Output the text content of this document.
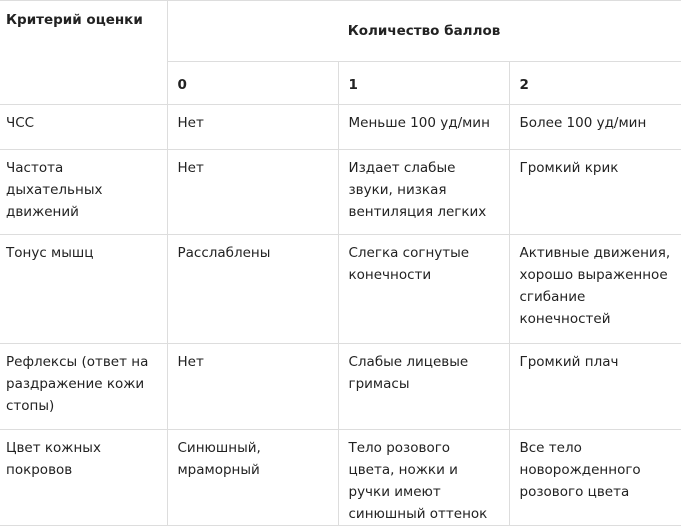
Критерий оценки	Количество баллов		
	0	1	2
ЧСС	Нет	Меньше 100 уд/мин	Более 100 уд/мин
Частота дыхательных движений	Нет	Издает слабые звуки, низкая вентиляция легких	Громкий крик
Тонус мышц	Расслаблены	Слегка согнутые конечности	Активные движения, хорошо выраженное сгибание конечностей
Рефлексы (ответ на раздражение кожи стопы)	Нет	Слабые лицевые гримасы	Громкий плач
Цвет кожных покровов	Синюшный, мраморный	Тело розового цвета, ножки и ручки имеют синюшный оттенок	Все тело новорожденного розового цвета
